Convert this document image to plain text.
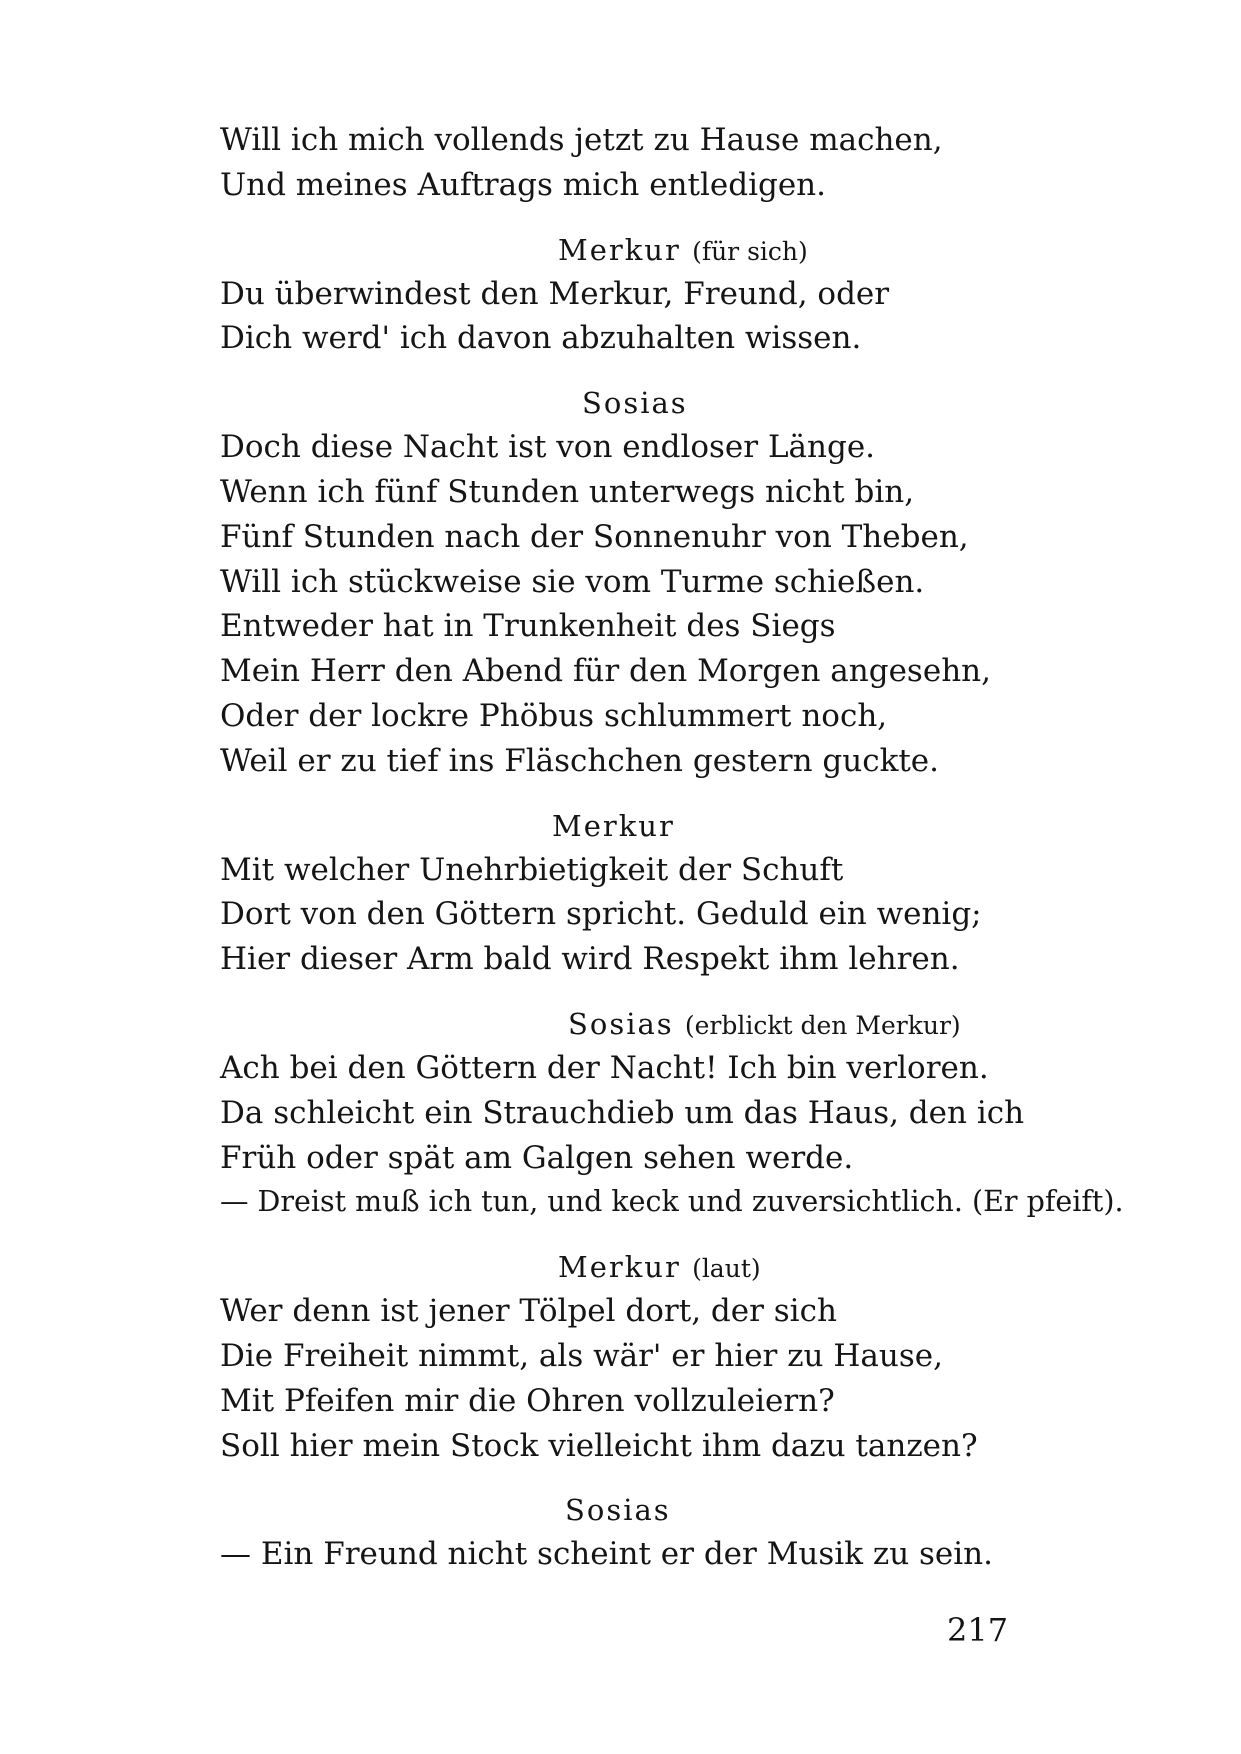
Will ich mich vollends jetzt zu Hause machen,
Und meines Auftrags mich entledigen.
Merkur (für sich)
Du überwindest den Merkur, Freund, oder
Dich werd' ich davon abzuhalten wissen.
Sosias
Doch diese Nacht ist von endloser Länge.
Wenn ich fünf Stunden unterwegs nicht bin,
Fünf Stunden nach der Sonnenuhr von Theben,
Will ich stückweise sie vom Turme schießen.
Entweder hat in Trunkenheit des Siegs
Mein Herr den Abend für den Morgen angesehn,
Oder der lockre Phöbus schlummert noch,
Weil er zu tief ins Fläschchen gestern guckte.
Merkur
Mit welcher Unehrbietigkeit der Schuft
Dort von den Göttern spricht. Geduld ein wenig;
Hier dieser Arm bald wird Respekt ihm lehren.
Sosias (erblickt den Merkur)
Ach bei den Göttern der Nacht! Ich bin verloren.
Da schleicht ein Strauchdieb um das Haus, den ich
Früh oder spät am Galgen sehen werde.
— Dreist muß ich tun, und keck und zuversichtlich. (Er pfeift).
Merkur (laut)
Wer denn ist jener Tölpel dort, der sich
Die Freiheit nimmt, als wär' er hier zu Hause,
Mit Pfeifen mir die Ohren vollzuleiern?
Soll hier mein Stock vielleicht ihm dazu tanzen?
Sosias
— Ein Freund nicht scheint er der Musik zu sein.
217
